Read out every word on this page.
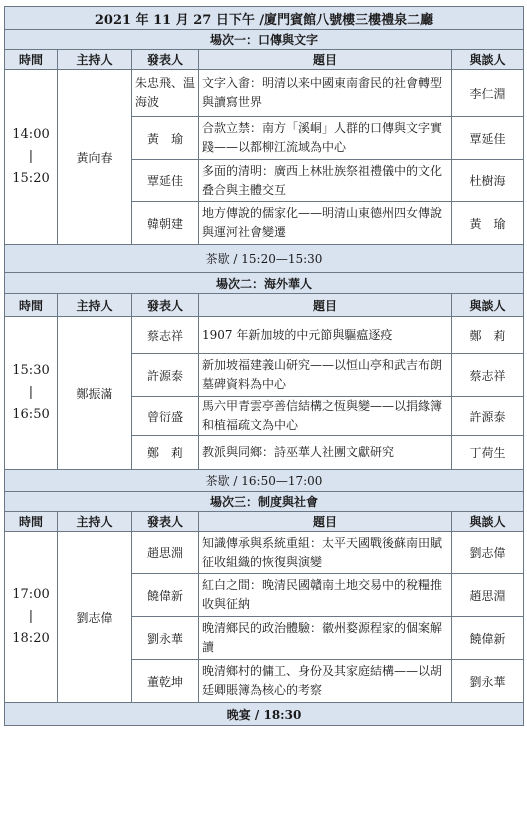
2021 年 11 月 27 日下午 /廈門賓館八號樓三樓禮泉二廳				
場次一：口傳與文字				
時間	主持人	發表人	題目	與談人

14:00
|
15:20	黃向春	朱忠飛、温海波	文字入畬：明清以来中國東南畬民的社會轉型與讀寫世界	李仁淵
		黃　瑜	合款立禁：南方「溪峒」人群的口傳與文字實踐——以都柳江流域為中心	覃延佳
		覃延佳	多面的清明：廣西上林壯族祭祖禮儀中的文化叠合與主體交互	杜樹海
		韓朝建	地方傳說的儒家化——明清山東德州四女傳說與運河社會變遷	黃　瑜
茶歇 / 15:20—15:30				
場次二：海外華人				
時間	主持人	發表人	題目	與談人

15:30
|
16:50	鄭振滿	蔡志祥	1907 年新加坡的中元節與驅瘟逐疫	鄭　莉
		許源泰	新加坡福建義山研究——以恒山亭和武吉布朗墓碑資料為中心	蔡志祥
		曾衍盛	馬六甲青雲亭善信結構之恆與變——以捐緣簿和植福疏文為中心	許源泰
		鄭　莉	教派與同鄉：詩巫華人社團文獻研究	丁荷生
茶歇 / 16:50—17:00				
場次三：制度與社會				
時間	主持人	發表人	題目	與談人

17:00
|
18:20	劉志偉	趙思淵	知識傳承與系統重組：太平天國戰後蘇南田賦征收組織的恢復與演變	劉志偉
		饒偉新	紅白之間：晚清民國贛南土地交易中的稅糧推收與征納	趙思淵
		劉永華	晚清鄉民的政治體驗：徽州婺源程家的個案解讀	饒偉新
		董乾坤	晚清鄉村的傭工、身份及其家庭結構——以胡廷卿賬簿為核心的考察	劉永華
晚宴 / 18:30				
